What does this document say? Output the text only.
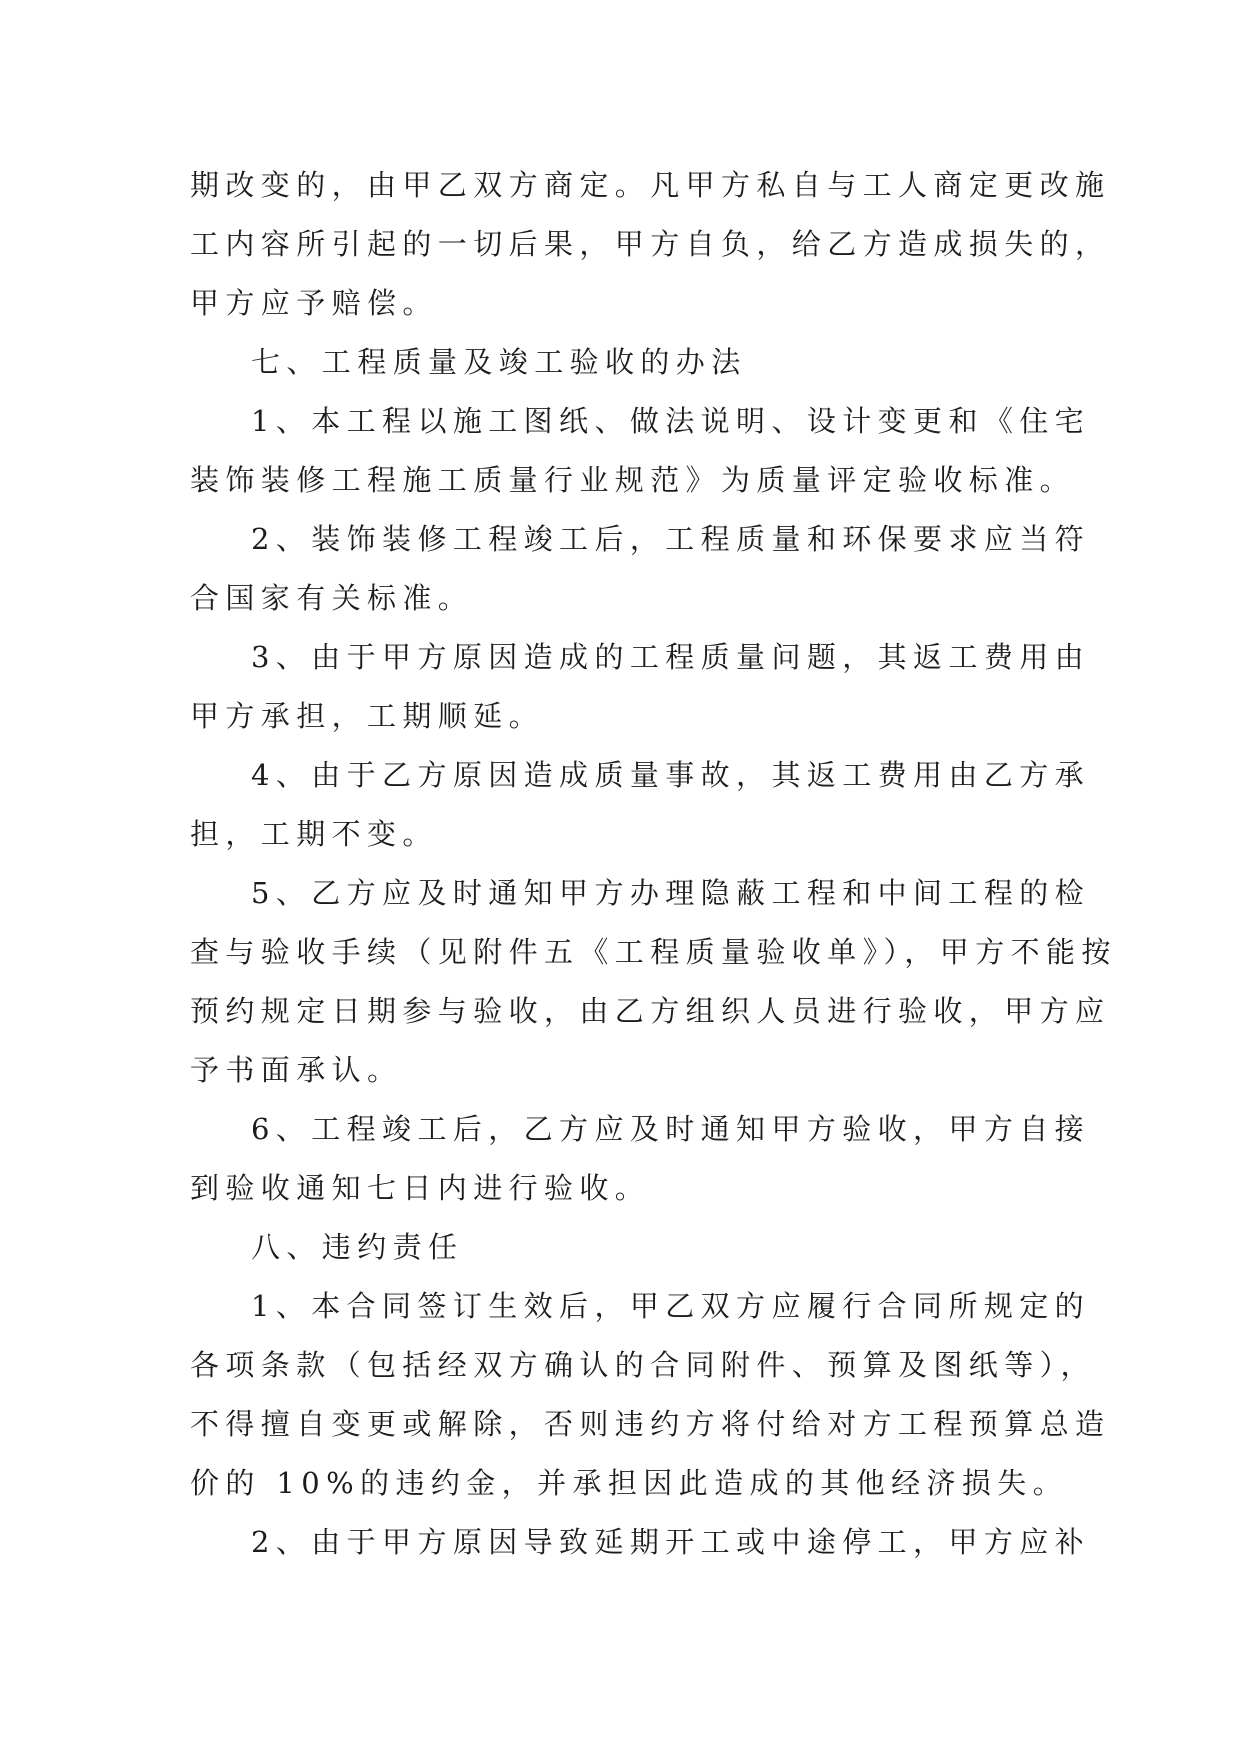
期改变的，由甲乙双方商定。凡甲方私自与工人商定更改施
工内容所引起的一切后果，甲方自负，给乙方造成损失的，
甲方应予赔偿。
七、工程质量及竣工验收的办法
1、本工程以施工图纸、做法说明、设计变更和《住宅
装饰装修工程施工质量行业规范》为质量评定验收标准。
2、装饰装修工程竣工后，工程质量和环保要求应当符
合国家有关标准。
3、由于甲方原因造成的工程质量问题，其返工费用由
甲方承担，工期顺延。
4、由于乙方原因造成质量事故，其返工费用由乙方承
担，工期不变。
5、乙方应及时通知甲方办理隐蔽工程和中间工程的检
查与验收手续（见附件五《工程质量验收单》），甲方不能按
预约规定日期参与验收，由乙方组织人员进行验收，甲方应
予书面承认。
6、工程竣工后，乙方应及时通知甲方验收，甲方自接
到验收通知七日内进行验收。
八、违约责任
1、本合同签订生效后，甲乙双方应履行合同所规定的
各项条款（包括经双方确认的合同附件、预算及图纸等），
不得擅自变更或解除，否则违约方将付给对方工程预算总造
价的 10%的违约金，并承担因此造成的其他经济损失。
2、由于甲方原因导致延期开工或中途停工，甲方应补
